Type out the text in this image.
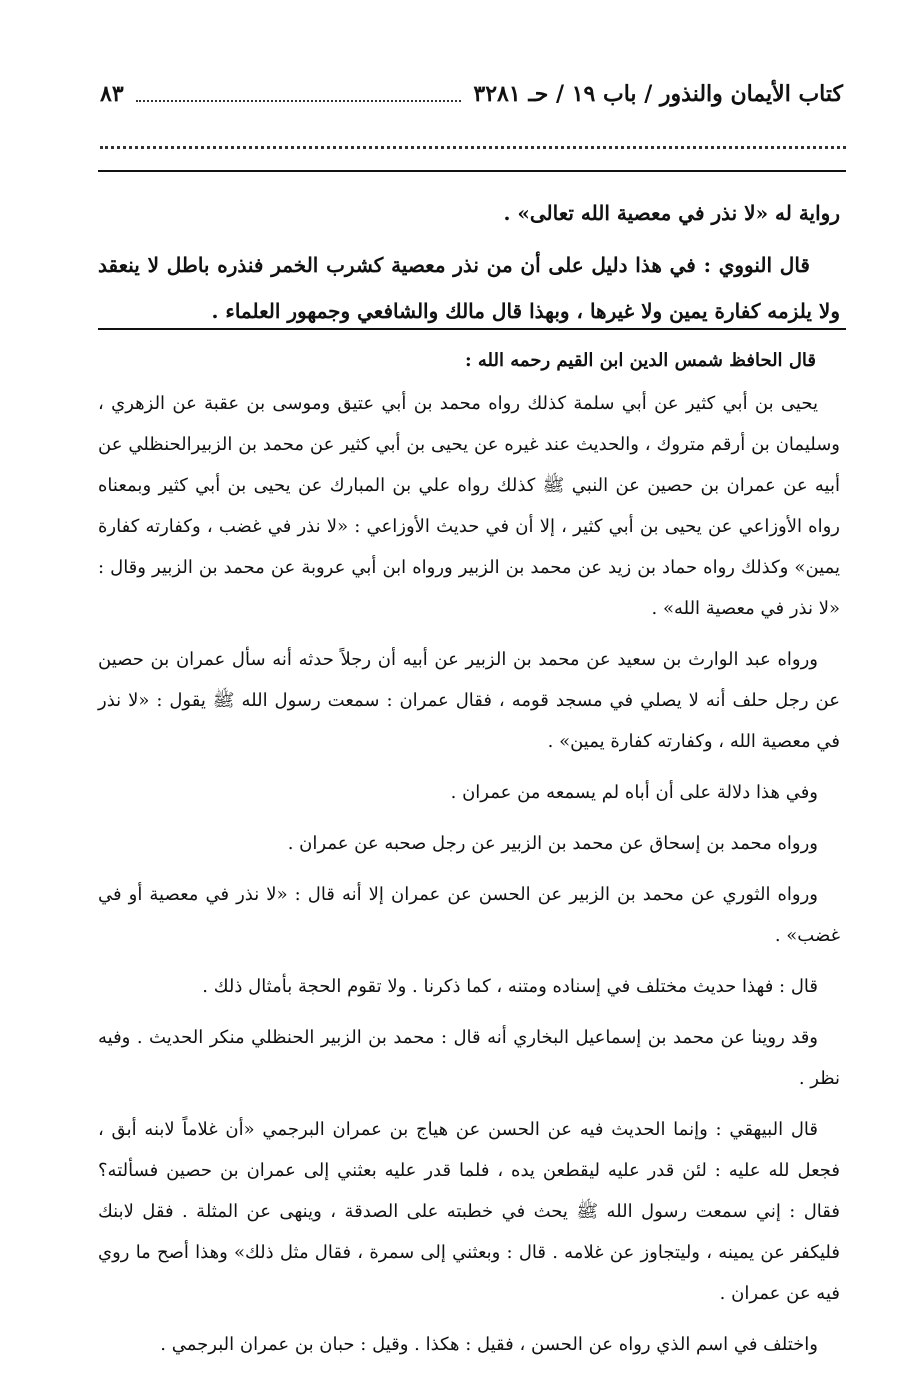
كتاب الأيمان والنذور / باب ١٩ / حـ ٣٢٨١
٨٣

رواية له «لا نذر في معصية الله تعالى» .

قال النووي : في هذا دليل على أن من نذر معصية كشرب الخمر فنذره باطل لا ينعقد ولا يلزمه كفارة يمين ولا غيرها ، وبهذا قال مالك والشافعي وجمهور العلماء .

قال الحافظ شمس الدين ابن القيم رحمه الله :

يحيى بن أبي كثير عن أبي سلمة كذلك رواه محمد بن أبي عتيق وموسى بن عقبة عن الزهري ، وسليمان بن أرقم متروك ، والحديث عند غيره عن يحيى بن أبي كثير عن محمد بن الزبيرالحنظلي عن أبيه عن عمران بن حصين عن النبي ﷺ كذلك رواه علي بن المبارك عن يحيى بن أبي كثير وبمعناه رواه الأوزاعي عن يحيى بن أبي كثير ، إلا أن في حديث الأوزاعي : «لا نذر في غضب ، وكفارته كفارة يمين» وكذلك رواه حماد بن زيد عن محمد بن الزبير ورواه ابن أبي عروبة عن محمد بن الزبير وقال : «لا نذر في معصية الله» .

ورواه عبد الوارث بن سعيد عن محمد بن الزبير عن أبيه أن رجلاً حدثه أنه سأل عمران بن حصين عن رجل حلف أنه لا يصلي في مسجد قومه ، فقال عمران : سمعت رسول الله ﷺ يقول : «لا نذر في معصية الله ، وكفارته كفارة يمين» .

وفي هذا دلالة على أن أباه لم يسمعه من عمران .

ورواه محمد بن إسحاق عن محمد بن الزبير عن رجل صحبه عن عمران .

ورواه الثوري عن محمد بن الزبير عن الحسن عن عمران إلا أنه قال : «لا نذر في معصية أو في غضب» .

قال : فهذا حديث مختلف في إسناده ومتنه ، كما ذكرنا . ولا تقوم الحجة بأمثال ذلك .

وقد روينا عن محمد بن إسماعيل البخاري أنه قال : محمد بن الزبير الحنظلي منكر الحديث . وفيه نظر .

قال البيهقي : وإنما الحديث فيه عن الحسن عن هياج بن عمران البرجمي «أن غلاماً لابنه أبق ، فجعل لله عليه : لئن قدر عليه ليقطعن يده ، فلما قدر عليه بعثني إلى عمران بن حصين فسألته؟ فقال : إني سمعت رسول الله ﷺ يحث في خطبته على الصدقة ، وينهى عن المثلة . فقل لابنك فليكفر عن يمينه ، وليتجاوز عن غلامه . قال : وبعثني إلى سمرة ، فقال مثل ذلك» وهذا أصح ما روي فيه عن عمران .

واختلف في اسم الذي رواه عن الحسن ، فقيل : هكذا . وقيل : حبان بن عمران البرجمي .
